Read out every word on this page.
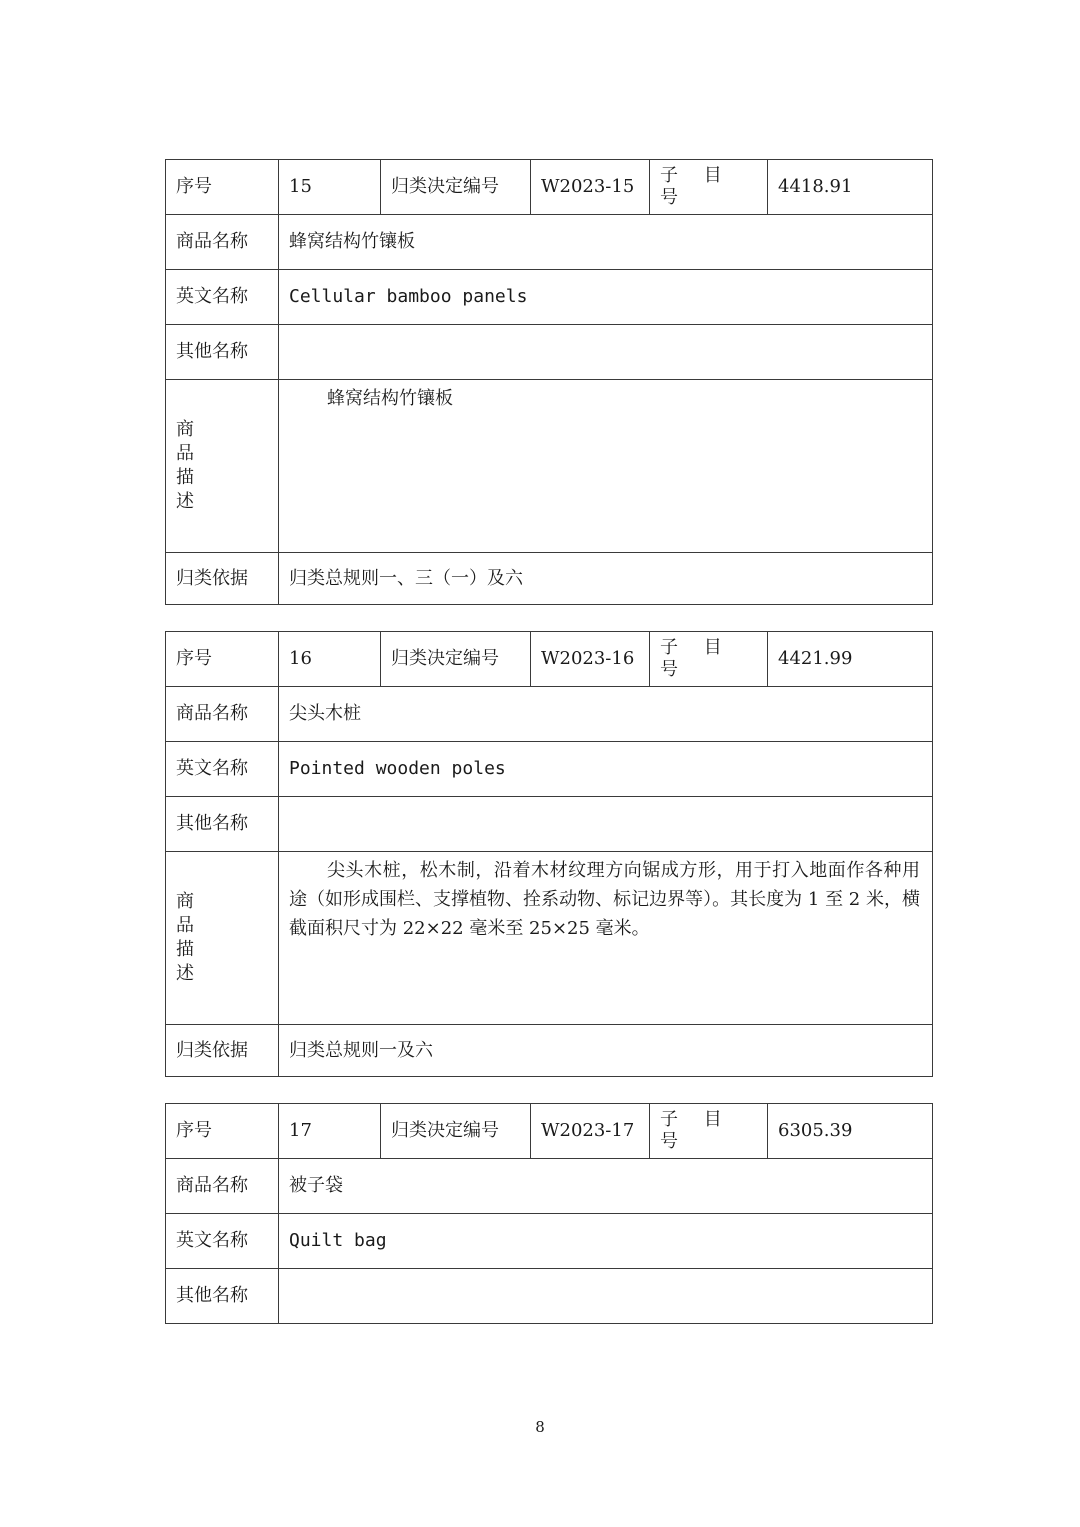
序号	15	归类决定编号	W2023-15	子 目 号	4418.91
商品名称	蜂窝结构竹镶板				
英文名称	Cellular bamboo panels				
其他名称					

商品描述	蜂窝结构竹镶板				
归类依据	归类总规则一、三（一）及六				
序号	16	归类决定编号	W2023-16	子 目 号	4421.99
商品名称	尖头木桩				
英文名称	Pointed wooden poles				
其他名称					

商品描述	尖头木桩，松木制，沿着木材纹理方向锯成方形，用于打入地面作各种用途（如形成围栏、支撑植物、拴系动物、标记边界等）。其长度为 1 至 2 米，横截面积尺寸为 22×22 毫米至 25×25 毫米。				
归类依据	归类总规则一及六				
序号	17	归类决定编号	W2023-17	子 目 号	6305.39
商品名称	被子袋				
英文名称	Quilt bag				
其他名称					
8
